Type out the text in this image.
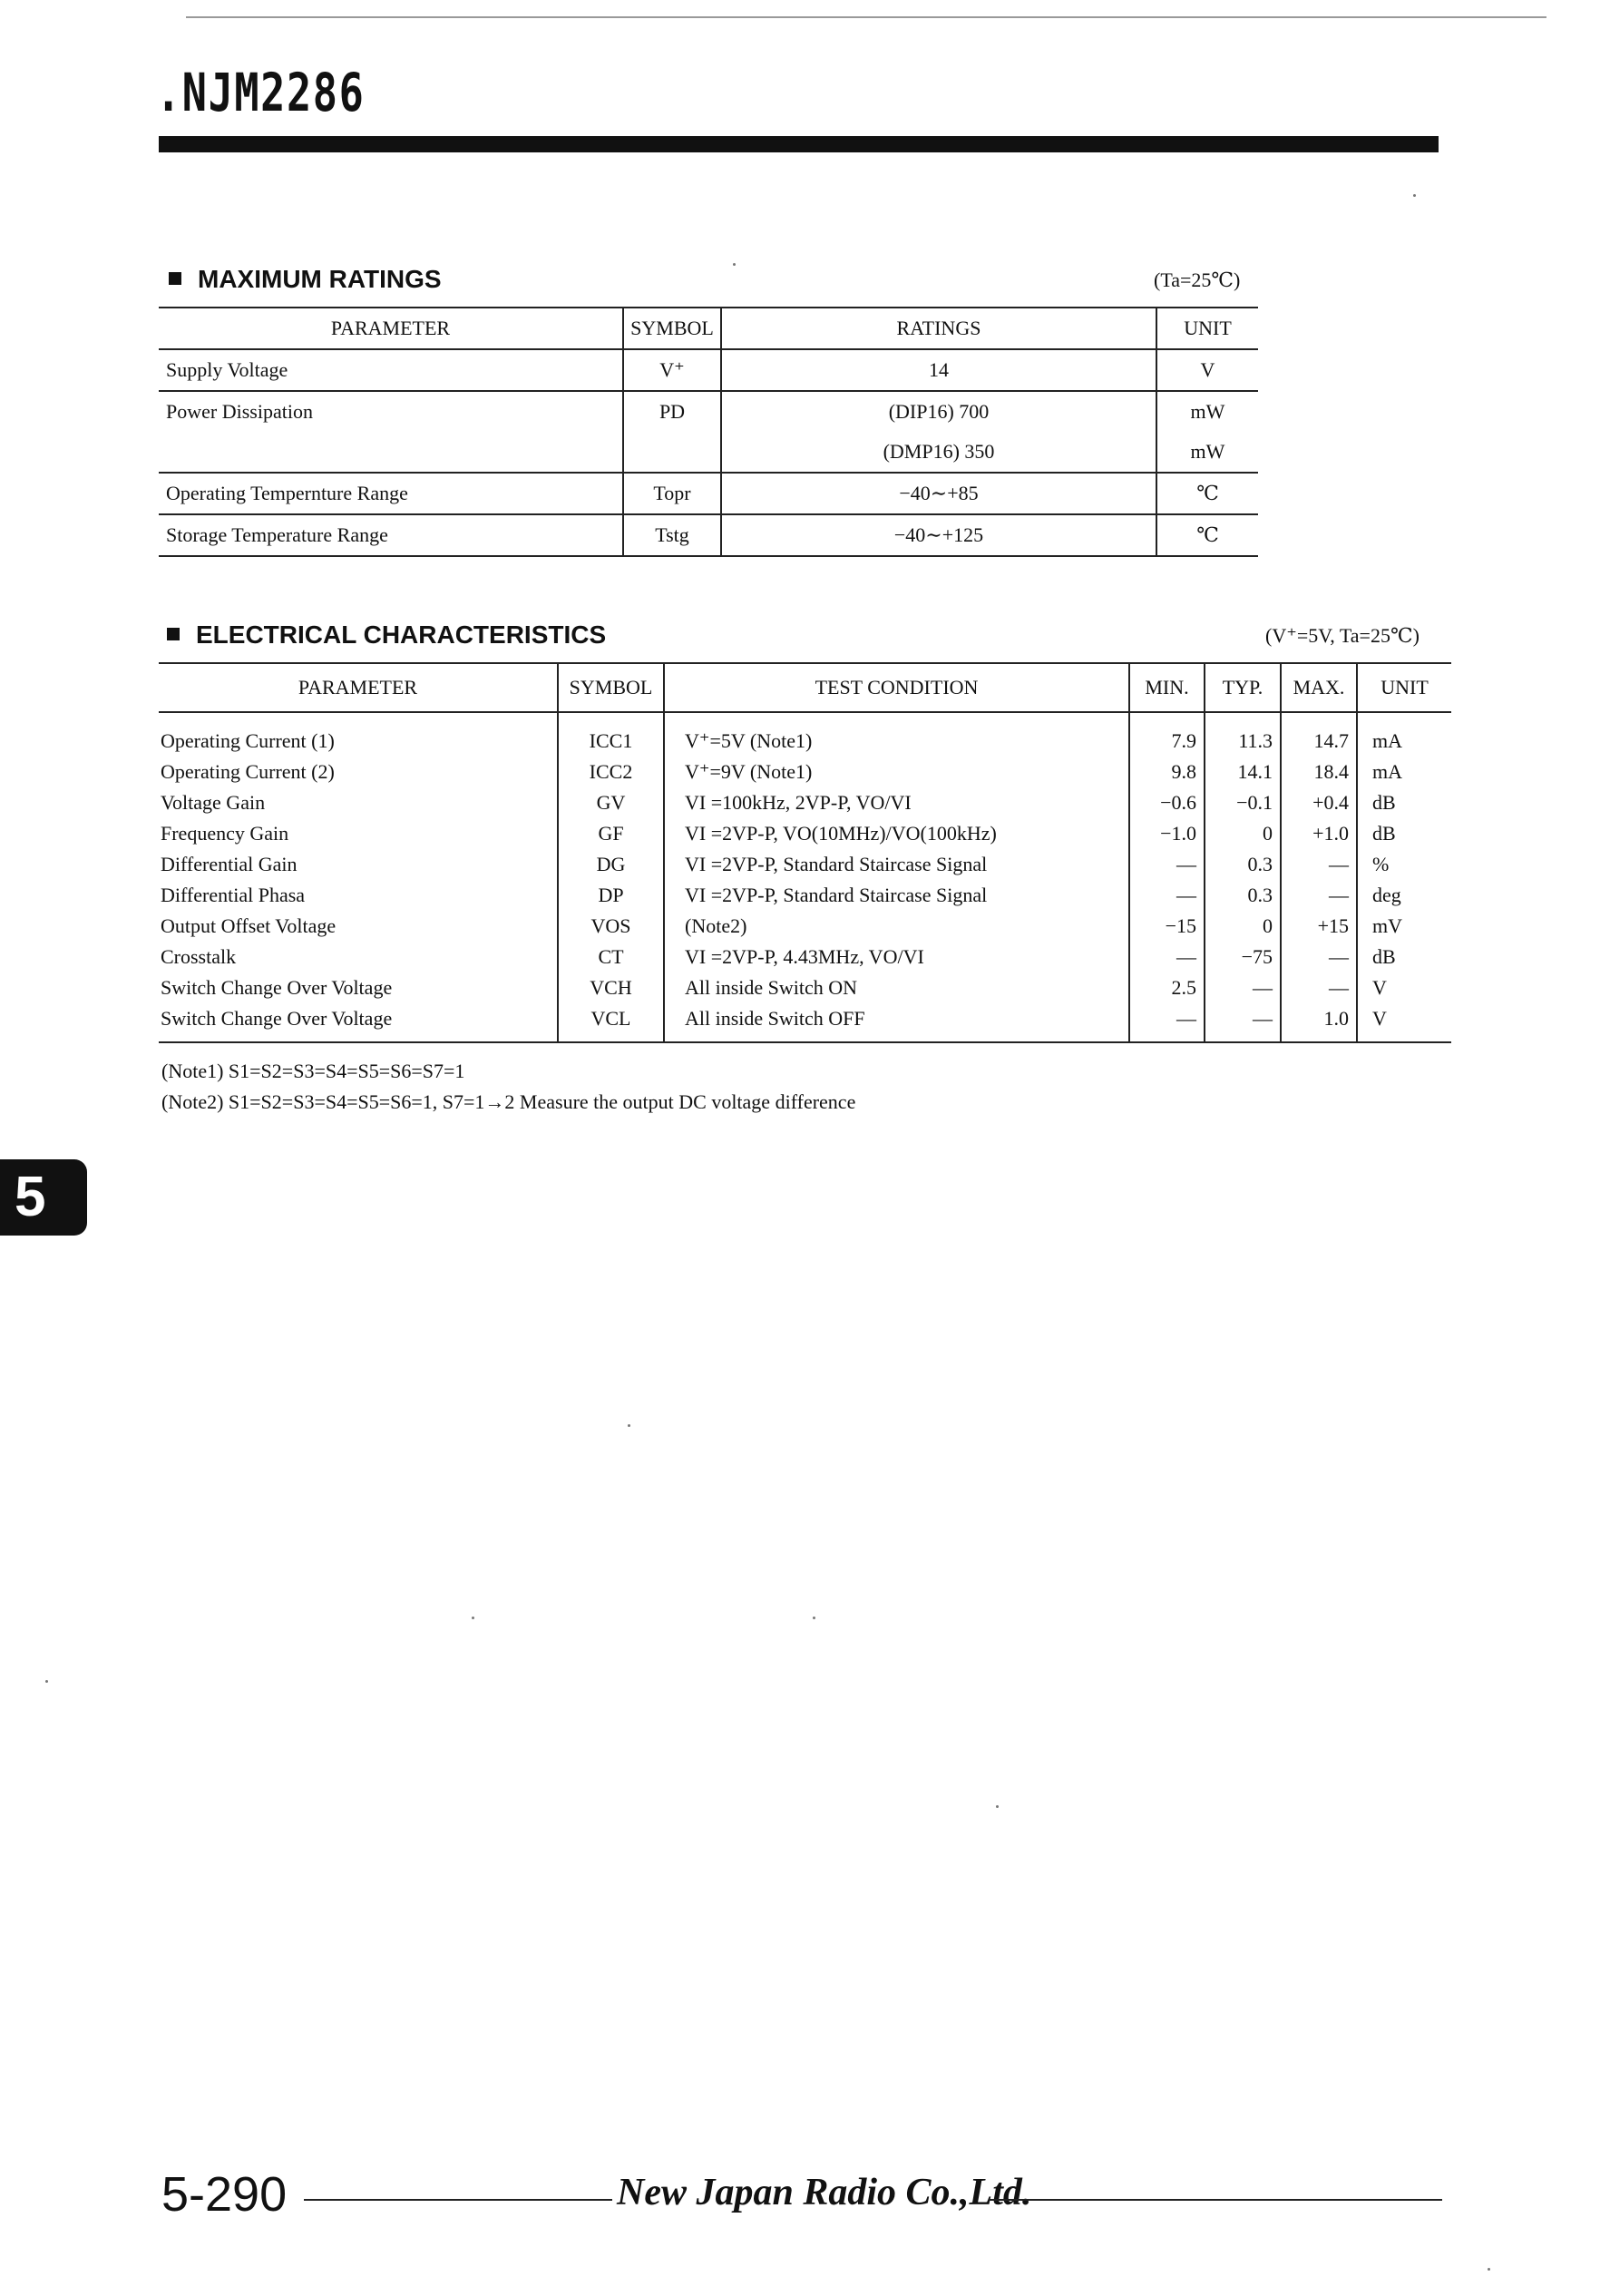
.NJM2286
MAXIMUM RATINGS	(Ta=25℃)
PARAMETER	SYMBOL	RATINGS	UNIT
Supply Voltage	V⁺	14	V
Power Dissipation	PD	(DIP16) 700	mW
		(DMP16) 350	mW
Operating Tempernture Range	Topr	−40∼+85	℃
Storage Temperature Range	Tstg	−40∼+125	℃
ELECTRICAL CHARACTERISTICS	(V⁺=5V, Ta=25℃)
PARAMETER	SYMBOL	TEST CONDITION	MIN.	TYP.	MAX.	UNIT
Operating Current (1)	ICC1	V⁺=5V (Note1)	7.9	11.3	14.7	mA
Operating Current (2)	ICC2	V⁺=9V (Note1)	9.8	14.1	18.4	mA
Voltage Gain	GV	VI =100kHz, 2VP-P, VO/VI	−0.6	−0.1	+0.4	dB
Frequency Gain	GF	VI =2VP-P, VO(10MHz)/VO(100kHz)	−1.0	0	+1.0	dB
Differential Gain	DG	VI =2VP-P, Standard Staircase Signal	—	0.3	—	%
Differential Phasa	DP	VI =2VP-P, Standard Staircase Signal	—	0.3	—	deg
Output Offset Voltage	VOS	(Note2)	−15	0	+15	mV
Crosstalk	CT	VI =2VP-P, 4.43MHz, VO/VI	—	−75	—	dB
Switch Change Over Voltage	VCH	All inside Switch ON	2.5	—	—	V
Switch Change Over Voltage	VCL	All inside Switch OFF	—	—	1.0	V
(Note1) S1=S2=S3=S4=S5=S6=S7=1
(Note2) S1=S2=S3=S4=S5=S6=1, S7=1→2 Measure the output DC voltage difference
5
5-290	New Japan Radio Co.,Ltd.
